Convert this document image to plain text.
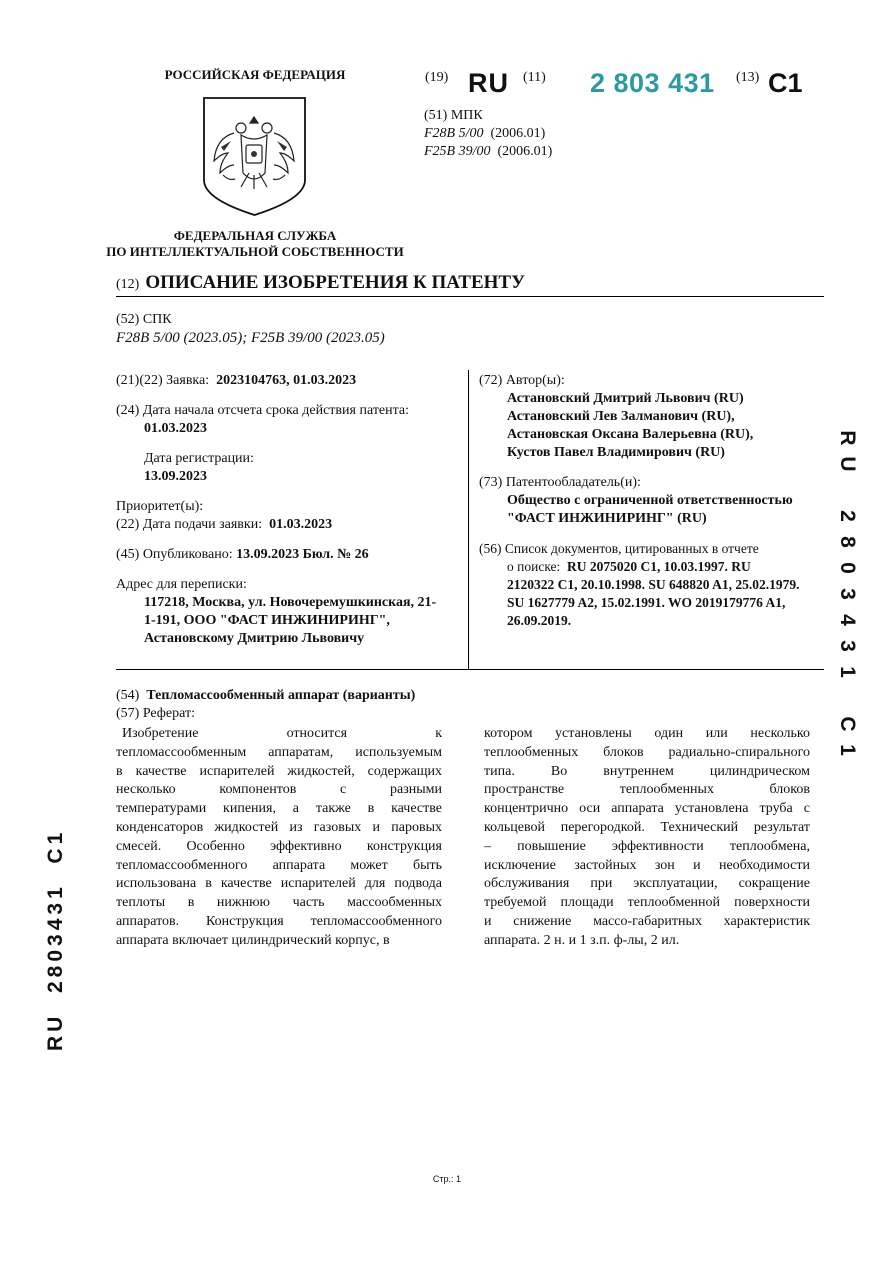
РОССИЙСКАЯ ФЕДЕРАЦИЯ
ФЕДЕРАЛЬНАЯ СЛУЖБА
ПО ИНТЕЛЛЕКТУАЛЬНОЙ СОБСТВЕННОСТИ
(19) RU (11) 2 803 431 (13) C1
(51) МПК
F28B 5/00 (2006.01)
F25B 39/00 (2006.01)
(12) ОПИСАНИЕ ИЗОБРЕТЕНИЯ К ПАТЕНТУ
(52) СПК
F28B 5/00 (2023.05); F25B 39/00 (2023.05)
(21)(22) Заявка: 2023104763, 01.03.2023
(24) Дата начала отсчета срока действия патента:
01.03.2023
Дата регистрации:
13.09.2023
Приоритет(ы):
(22) Дата подачи заявки: 01.03.2023
(45) Опубликовано: 13.09.2023 Бюл. № 26
Адрес для переписки:
117218, Москва, ул. Новочеремушкинская, 21-
1-191, ООО "ФАСТ ИНЖИНИРИНГ",
Астановскому Дмитрию Львовичу
(72) Автор(ы):
Астановский Дмитрий Львович (RU)
Астановский Лев Залманович (RU),
Астановская Оксана Валерьевна (RU),
Кустов Павел Владимирович (RU)
(73) Патентообладатель(и):
Общество с ограниченной ответственностью
"ФАСТ ИНЖИНИРИНГ" (RU)
(56) Список документов, цитированных в отчете
о поиске: RU 2075020 C1, 10.03.1997. RU
2120322 C1, 20.10.1998. SU 648820 A1, 25.02.1979.
SU 1627779 A2, 15.02.1991. WO 2019179776 A1,
26.09.2019.
(54) Тепломассообменный аппарат (варианты)
(57) Реферат:
Изобретение относится к
тепломассообменным аппаратам, используемым
в качестве испарителей жидкостей, содержащих
несколько компонентов с разными
температурами кипения, а также в качестве
конденсаторов жидкостей из газовых и паровых
смесей. Особенно эффективно конструкция
тепломассообменного аппарата может быть
использована в качестве испарителей для подвода
теплоты в нижнюю часть массообменных
аппаратов. Конструкция тепломассообменного
аппарата включает цилиндрический корпус, в
котором установлены один или несколько
теплообменных блоков радиально-спирального
типа. Во внутреннем цилиндрическом
пространстве теплообменных блоков
концентрично оси аппарата установлена труба с
кольцевой перегородкой. Технический результат
– повышение эффективности теплообмена,
исключение застойных зон и необходимости
обслуживания при эксплуатации, сокращение
требуемой площади теплообменной поверхности
и снижение массо-габаритных характеристик
аппарата. 2 н. и 1 з.п. ф-лы, 2 ил.
R
U
2
8
0
3
4
3
1
C
1
RU  2803431  C1
Стр.: 1
